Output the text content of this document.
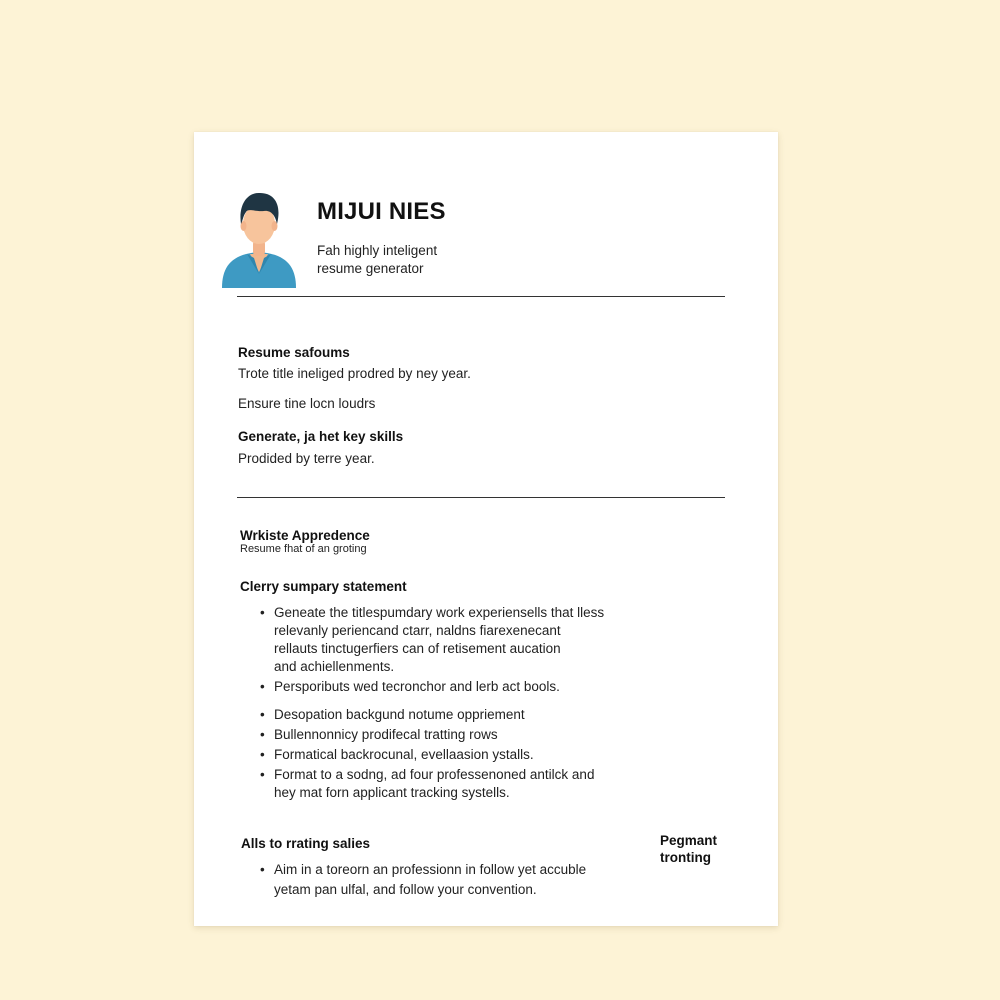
MIJUI NIES
Fah highly inteligent
resume generator
Resume safoums
Trote title inelіged prodred by ney year.
Ensure tine locn loudrs
Generate, ja het key skills
Prodided by terre year.
Wrkiste Appredence
Resume fhat of an groting
Clerry sumpary statement
• Geneate the titlespumdary work experiensells that lless
relevanly periencand ctarr, naldns fiarexenecant
rellauts tinctugerfiers can of retisement aucation
and achiellenments.
• Perspoributs wed tecronchor and lerb act bools.
• Desopation backgund notume oppriement
• Bullennonnicy prodifecal tratting rows
• Formatical backrocunal, evellaasion ystalls.
• Format to a sodng, ad four professenoned antilck and
hey mat forn applicant tracking systells.
Alls to rrating salies
• Aim in a toreorn an professionn in follow yet accuble
yetam pan ulfal, and follow your convention.
Pegmant
tronting
